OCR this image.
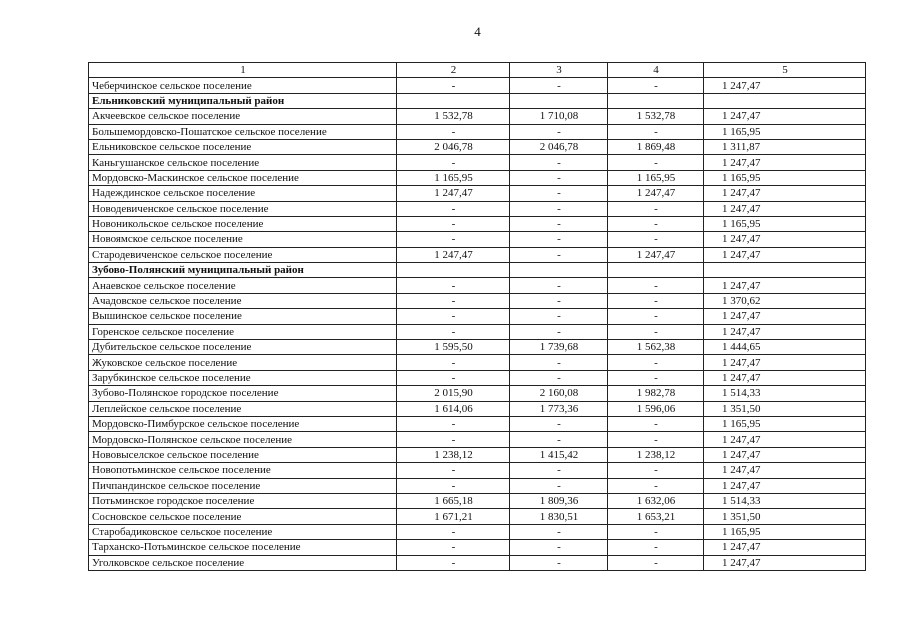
4
1	2	3	4	5
Чеберчинское сельское поселение	-	-	-	1 247,47
Ельниковский муниципальный район				
Акчеевское сельское поселение	1 532,78	1 710,08	1 532,78	1 247,47
Большемордовско-Пошатское сельское поселение	-	-	-	1 165,95
Ельниковское сельское поселение	2 046,78	2 046,78	1 869,48	1 311,87
Каньгушанское сельское поселение	-	-	-	1 247,47
Мордовско-Маскинское сельское поселение	1 165,95	-	1 165,95	1 165,95
Надеждинское сельское поселение	1 247,47	-	1 247,47	1 247,47
Новодевиченское сельское поселение	-	-	-	1 247,47
Новоникольское сельское поселение	-	-	-	1 165,95
Новоямское сельское поселение	-	-	-	1 247,47
Стародевиченское сельское поселение	1 247,47	-	1 247,47	1 247,47
Зубово-Полянский муниципальный район				
Анаевское сельское поселение	-	-	-	1 247,47
Ачадовское сельское поселение	-	-	-	1 370,62
Вышинское сельское поселение	-	-	-	1 247,47
Горенское сельское поселение	-	-	-	1 247,47
Дубительское сельское поселение	1 595,50	1 739,68	1 562,38	1 444,65
Жуковское сельское поселение	-	-	-	1 247,47
Зарубкинское сельское поселение	-	-	-	1 247,47
Зубово-Полянское городское поселение	2 015,90	2 160,08	1 982,78	1 514,33
Леплейское сельское поселение	1 614,06	1 773,36	1 596,06	1 351,50
Мордовско-Пимбурское сельское поселение	-	-	-	1 165,95
Мордовско-Полянское сельское поселение	-	-	-	1 247,47
Нововыселское сельское поселение	1 238,12	1 415,42	1 238,12	1 247,47
Новопотьминское сельское поселение	-	-	-	1 247,47
Пичпандинское сельское поселение	-	-	-	1 247,47
Потьминское городское поселение	1 665,18	1 809,36	1 632,06	1 514,33
Сосновское сельское поселение	1 671,21	1 830,51	1 653,21	1 351,50
Старобадиковское сельское поселение	-	-	-	1 165,95
Тарханско-Потьминское сельское поселение	-	-	-	1 247,47
Уголковское сельское поселение	-	-	-	1 247,47
